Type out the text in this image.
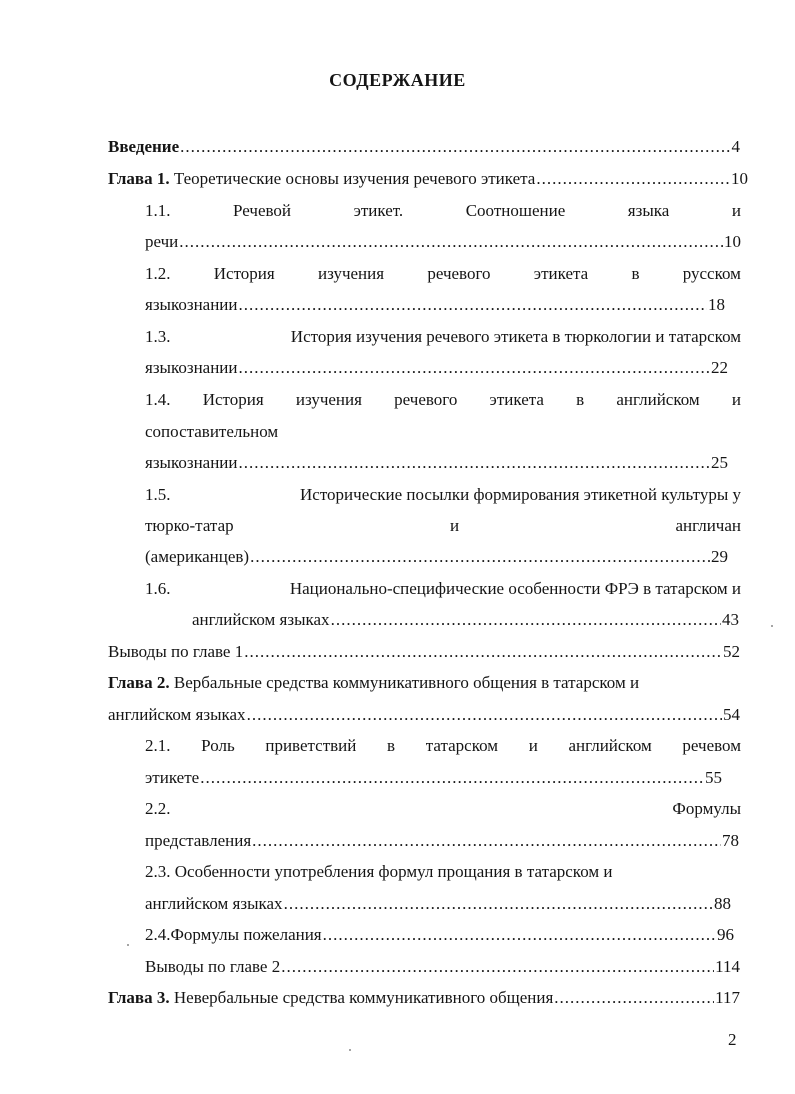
СОДЕРЖАНИЕ
Введение .....	4
Глава 1. Теоретические основы изучения речевого этикета .....	10
1.1.	Речевой	этикет.	Соотношение	языка	и
речи .....	10
1.2.	История	изучения	речевого	этикета	в	русском
языкознании .....	18
1.3.	История изучения речевого этикета в тюркологии и татарском
языкознании .....	22
1.4. История изучения речевого этикета в английском и
сопоставительном
языкознании .....	25
1.5.	Исторические посылки формирования этикетной культуры у
тюрко-татар	и	англичан
(американцев) .....	29
1.6.	Национально-специфические особенности ФРЭ в татарском и
английском языках .....	43
Выводы по главе 1 .....	52
Глава 2. Вербальные средства коммуникативного общения в татарском и
английском языках .....	54
2.1. Роль приветствий в татарском и английском речевом
этикете .....	55
2.2.	Формулы
представления .....	78
2.3. Особенности употребления формул прощания в татарском и
английском языках .....	88
2.4.Формулы пожелания .....	96
Выводы по главе 2 .....	114
Глава 3. Невербальные средства коммуникативного общения .....	117
2
